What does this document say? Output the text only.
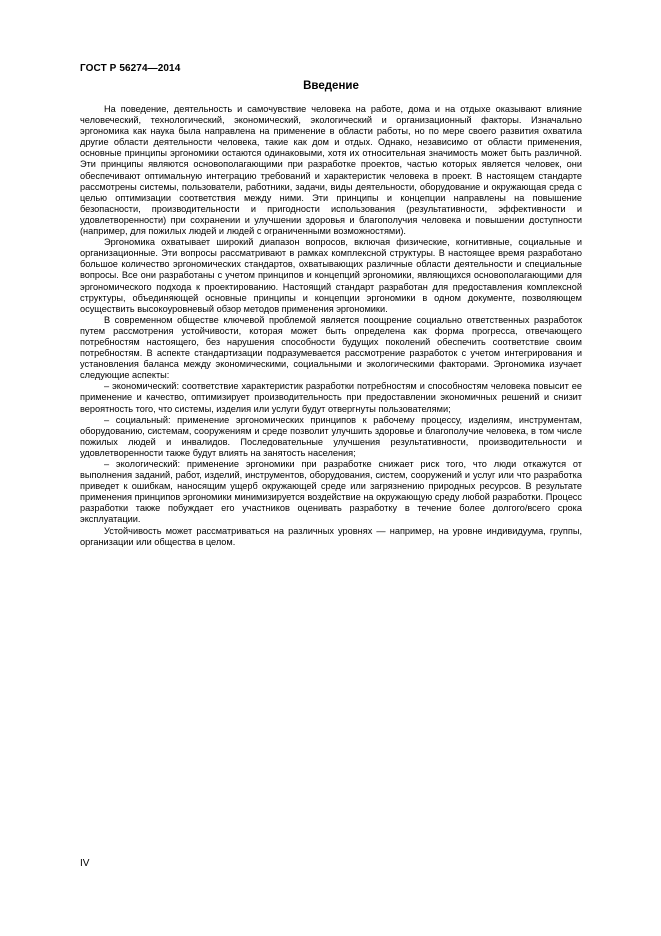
ГОСТ Р 56274—2014
Введение

На поведение, деятельность и самочувствие человека на работе, дома и на отдыхе оказывают влияние человеческий, технологический, экономический, экологический и организационный факторы. Изначально эргономика как наука была направлена на применение в области работы, но по мере своего развития охватила другие области деятельности человека, такие как дом и отдых. Однако, независимо от области применения, основные принципы эргономики остаются одинаковыми, хотя их относительная значимость может быть различной. Эти принципы являются основополагающими при разработке проектов, частью которых является человек, они обеспечивают оптимальную интеграцию требований и характеристик человека в проект. В настоящем стандарте рассмотрены системы, пользователи, работники, задачи, виды деятельности, оборудование и окружающая среда с целью оптимизации соответствия между ними. Эти принципы и концепции направлены на повышение безопасности, производительности и пригодности использования (результативности, эффективности и удовлетворенности) при сохранении и улучшении здоровья и благополучия человека и повышении доступности (например, для пожилых людей и людей с ограниченными возможностями).

Эргономика охватывает широкий диапазон вопросов, включая физические, когнитивные, социальные и организационные. Эти вопросы рассматривают в рамках комплексной структуры. В настоящее время разработано большое количество эргономических стандартов, охватывающих различные области деятельности и специальные вопросы. Все они разработаны с учетом принципов и концепций эргономики, являющихся основополагающими для эргономического подхода к проектированию. Настоящий стандарт разработан для предоставления комплексной структуры, объединяющей основные принципы и концепции эргономики в одном документе, позволяющем осуществить высокоуровневый обзор методов применения эргономики.

В современном обществе ключевой проблемой является поощрение социально ответственных разработок путем рассмотрения устойчивости, которая может быть определена как форма прогресса, отвечающего потребностям настоящего, без нарушения способности будущих поколений обеспечить соответствие своим потребностям. В аспекте стандартизации подразумевается рассмотрение разработок с учетом интегрирования и установления баланса между экономическими, социальными и экологическими факторами. Эргономика изучает следующие аспекты:

– экономический: соответствие характеристик разработки потребностям и способностям человека повысит ее применение и качество, оптимизирует производительность при предоставлении экономичных решений и снизит вероятность того, что системы, изделия или услуги будут отвергнуты пользователями;

– социальный: применение эргономических принципов к рабочему процессу, изделиям, инструментам, оборудованию, системам, сооружениям и среде позволит улучшить здоровье и благополучие человека, в том числе пожилых людей и инвалидов. Последовательные улучшения результативности, производительности и удовлетворенности также будут влиять на занятость населения;

– экологический: применение эргономики при разработке снижает риск того, что люди откажутся от выполнения заданий, работ, изделий, инструментов, оборудования, систем, сооружений и услуг или что разработка приведет к ошибкам, наносящим ущерб окружающей среде или загрязнению природных ресурсов. В результате применения принципов эргономики минимизируется воздействие на окружающую среду любой разработки. Процесс разработки также побуждает его участников оценивать разработку в течение более долгого/всего срока эксплуатации.

Устойчивость может рассматриваться на различных уровнях — например, на уровне индивидуума, группы, организации или общества в целом.

IV
